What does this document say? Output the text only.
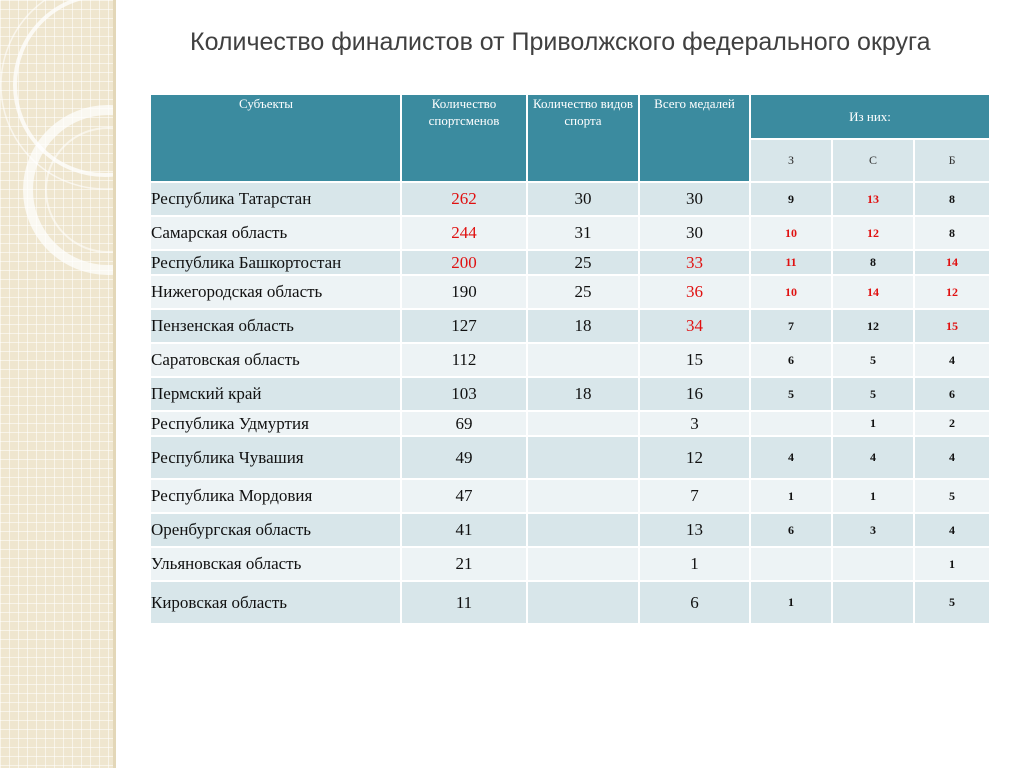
Количество финалистов от Приволжского федерального округа
Субъекты	Количество спортсменов	Количество видов спорта	Всего медалей	Из них:		
				З	С	Б
Республика Татарстан	262	30	30	9	13	8
Самарская область	244	31	30	10	12	8
Республика Башкортостан	200	25	33	11	8	14
Нижегородская область	190	25	36	10	14	12
Пензенская область	127	18	34	7	12	15
Саратовская область	112		15	6	5	4
Пермский край	103	18	16	5	5	6
Республика Удмуртия	69		3		1	2
Республика Чувашия	49		12	4	4	4
Республика Мордовия	47		7	1	1	5
Оренбургская область	41		13	6	3	4
Ульяновская область	21		1			1
Кировская область	11		6	1		5
